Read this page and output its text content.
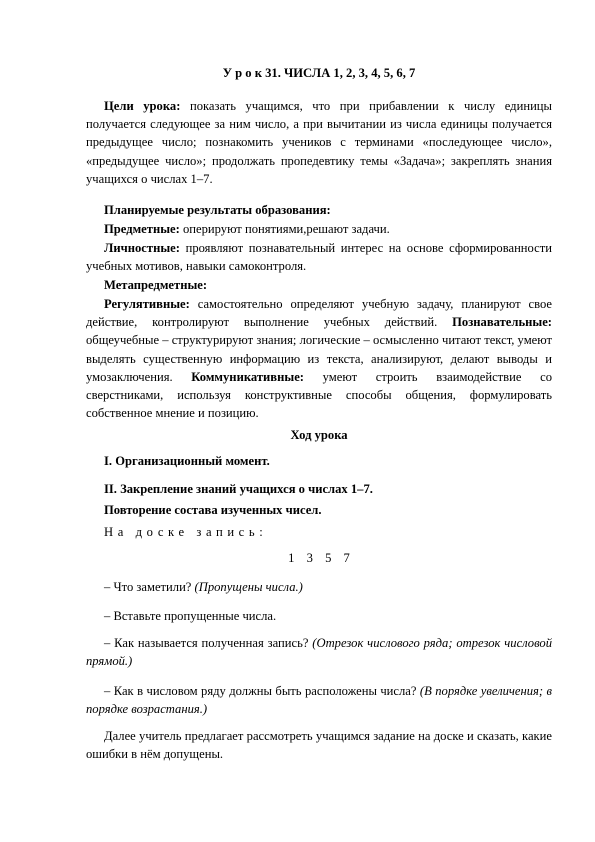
У р о к 31. ЧИСЛА 1, 2, 3, 4, 5, 6, 7
Цели урока: показать учащимся, что при прибавлении к числу единицы получается следующее за ним число, а при вычитании из числа единицы получается предыдущее число; познакомить учеников с терминами «последующее число», «предыдущее число»; продолжать пропедевтику темы «Задача»; закреплять знания учащихся о числах 1–7.
Планируемые результаты образования:
Предметные: оперируют понятиями,решают задачи.
Личностные: проявляют познавательный интерес на основе сформированности учебных мотивов, навыки самоконтроля.
Метапредметные:
Регулятивные: самостоятельно определяют учебную задачу, планируют свое действие, контролируют выполнение учебных действий. Познавательные: общеучебные – структурируют знания; логические – осмысленно читают текст, умеют выделять существенную информацию из текста, анализируют, делают выводы и умозаключения. Коммуникативные: умеют строить взаимодействие со сверстниками, используя конструктивные способы общения, формулировать собственное мнение и позицию.
Ход урока
I. Организационный момент.
II. Закрепление знаний учащихся о числах 1–7.
Повторение состава изученных чисел.
На доске запись:
1 3 5 7
– Что заметили? (Пропущены числа.)
– Вставьте пропущенные числа.
– Как называется полученная запись? (Отрезок числового ряда; отрезок числовой прямой.)
– Как в числовом ряду должны быть расположены числа? (В порядке увеличения; в порядке возрастания.)
Далее учитель предлагает рассмотреть учащимся задание на доске и сказать, какие ошибки в нём допущены.
